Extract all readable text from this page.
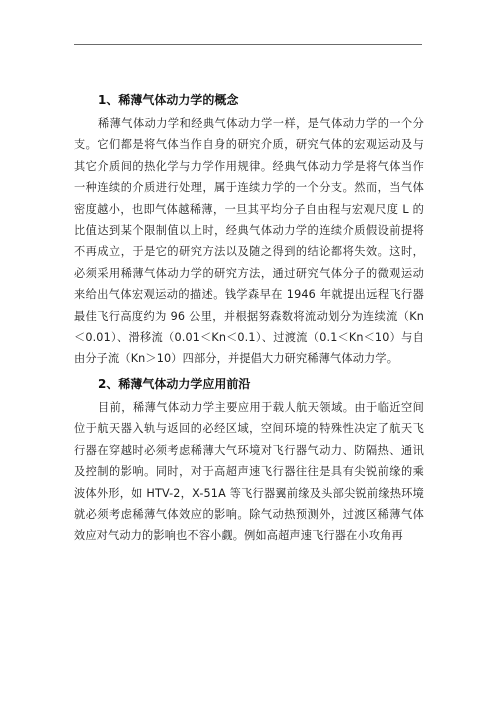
1、稀薄气体动力学的概念

稀薄气体动力学和经典气体动力学一样，是气体动力学的一个分支。它们都是将气体当作自身的研究介质，研究气体的宏观运动及与其它介质间的热化学与力学作用规律。经典气体动力学是将气体当作一种连续的介质进行处理，属于连续力学的一个分支。然而，当气体密度越小，也即气体越稀薄，一旦其平均分子自由程与宏观尺度 L 的比值达到某个限制值以上时，经典气体动力学的连续介质假设前提将不再成立，于是它的研究方法以及随之得到的结论都将失效。这时，必须采用稀薄气体动力学的研究方法，通过研究气体分子的微观运动来给出气体宏观运动的描述。钱学森早在 1946 年就提出远程飞行器最佳飞行高度约为 96 公里，并根据努森数将流动划分为连续流（Kn＜0.01）、滑移流（0.01＜Kn＜0.1）、过渡流（0.1＜Kn＜10）与自由分子流（Kn＞10）四部分，并提倡大力研究稀薄气体动力学。

2、稀薄气体动力学应用前沿

目前，稀薄气体动力学主要应用于载人航天领域。由于临近空间位于航天器入轨与返回的必经区域，空间环境的特殊性决定了航天飞行器在穿越时必须考虑稀薄大气环境对飞行器气动力、防隔热、通讯及控制的影响。同时，对于高超声速飞行器往往是具有尖锐前缘的乘波体外形，如 HTV-2，X-51A 等飞行器翼前缘及头部尖锐前缘热环境就必须考虑稀薄气体效应的影响。除气动热预测外，过渡区稀薄气体效应对气动力的影响也不容小觑。例如高超声速飞行器在小攻角再
